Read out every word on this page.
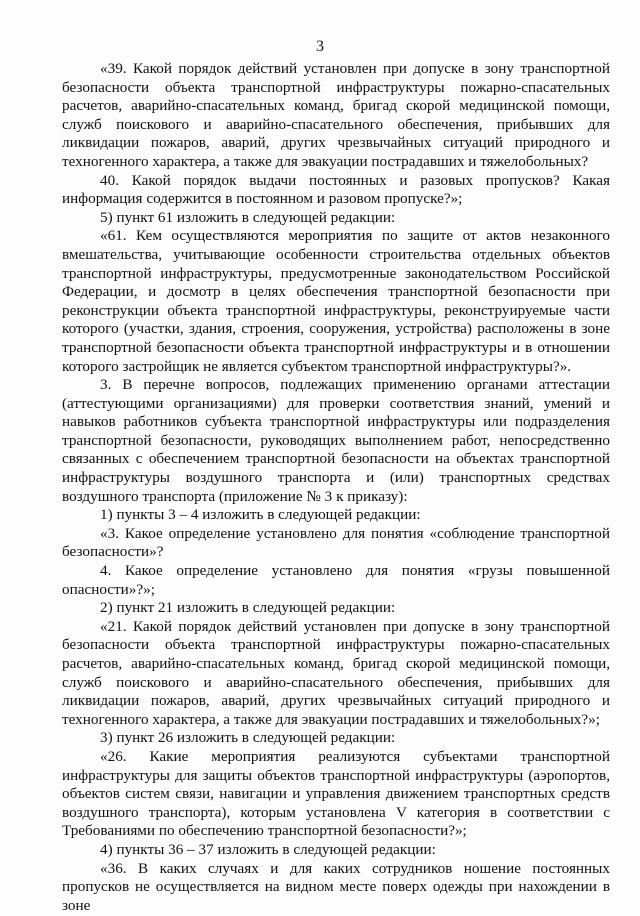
3

«39. Какой порядок действий установлен при допуске в зону транспортной безопасности объекта транспортной инфраструктуры пожарно-спасательных расчетов, аварийно-спасательных команд, бригад скорой медицинской помощи, служб поискового и аварийно-спасательного обеспечения, прибывших для ликвидации пожаров, аварий, других чрезвычайных ситуаций природного и техногенного характера, а также для эвакуации пострадавших и тяжелобольных?

40. Какой порядок выдачи постоянных и разовых пропусков? Какая информация содержится в постоянном и разовом пропуске?»;

5) пункт 61 изложить в следующей редакции:

«61. Кем осуществляются мероприятия по защите от актов незаконного вмешательства, учитывающие особенности строительства отдельных объектов транспортной инфраструктуры, предусмотренные законодательством Российской Федерации, и досмотр в целях обеспечения транспортной безопасности при реконструкции объекта транспортной инфраструктуры, реконструируемые части которого (участки, здания, строения, сооружения, устройства) расположены в зоне транспортной безопасности объекта транспортной инфраструктуры и в отношении которого застройщик не является субъектом транспортной инфраструктуры?».

3. В перечне вопросов, подлежащих применению органами аттестации (аттестующими организациями) для проверки соответствия знаний, умений и навыков работников субъекта транспортной инфраструктуры или подразделения транспортной безопасности, руководящих выполнением работ, непосредственно связанных с обеспечением транспортной безопасности на объектах транспортной инфраструктуры воздушного транспорта и (или) транспортных средствах воздушного транспорта (приложение № 3 к приказу):

1) пункты 3 – 4 изложить в следующей редакции:

«3. Какое определение установлено для понятия «соблюдение транспортной безопасности»?

4. Какое определение установлено для понятия «грузы повышенной опасности»?»;

2) пункт 21 изложить в следующей редакции:

«21. Какой порядок действий установлен при допуске в зону транспортной безопасности объекта транспортной инфраструктуры пожарно-спасательных расчетов, аварийно-спасательных команд, бригад скорой медицинской помощи, служб поискового и аварийно-спасательного обеспечения, прибывших для ликвидации пожаров, аварий, других чрезвычайных ситуаций природного и техногенного характера, а также для эвакуации пострадавших и тяжелобольных?»;

3) пункт 26 изложить в следующей редакции:

«26. Какие мероприятия реализуются субъектами транспортной инфраструктуры для защиты объектов транспортной инфраструктуры (аэропортов, объектов систем связи, навигации и управления движением транспортных средств воздушного транспорта), которым установлена V категория в соответствии с Требованиями по обеспечению транспортной безопасности?»;

4) пункты 36 – 37 изложить в следующей редакции:

«36. В каких случаях и для каких сотрудников ношение постоянных пропусков не осуществляется на видном месте поверх одежды при нахождении в зоне
